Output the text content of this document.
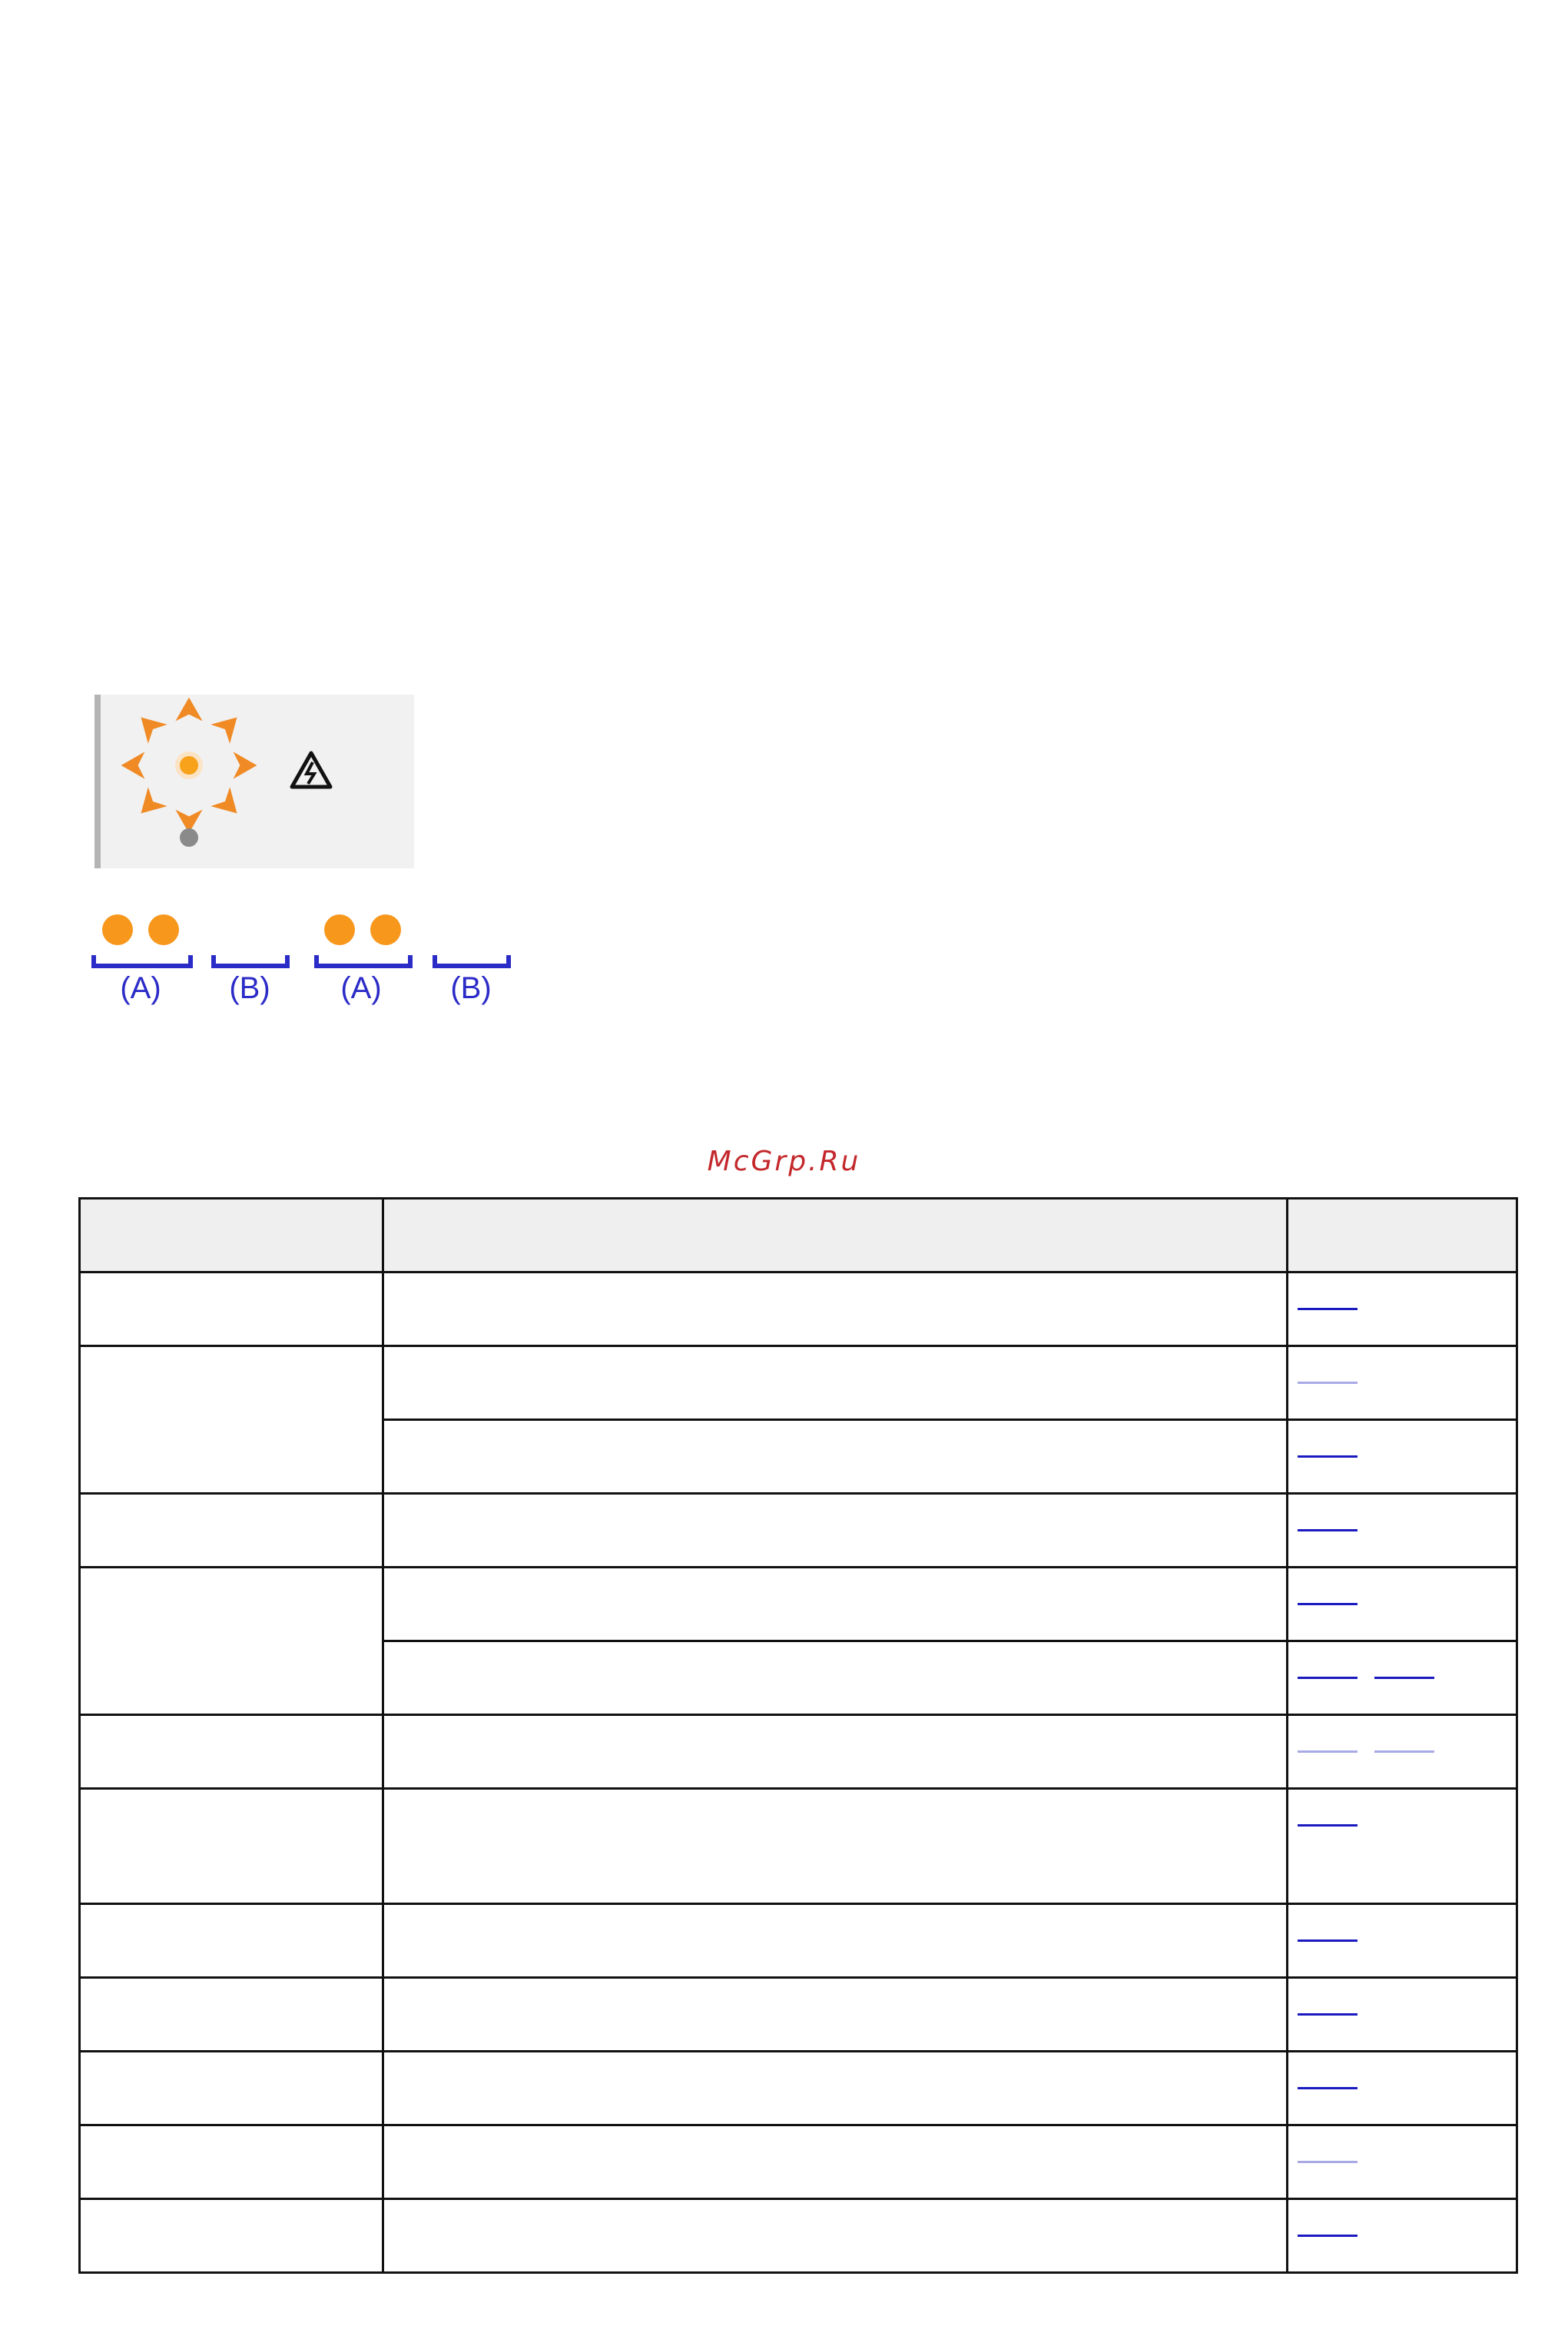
(A)	(B)	(A)	(B)
McGrp.Ru
